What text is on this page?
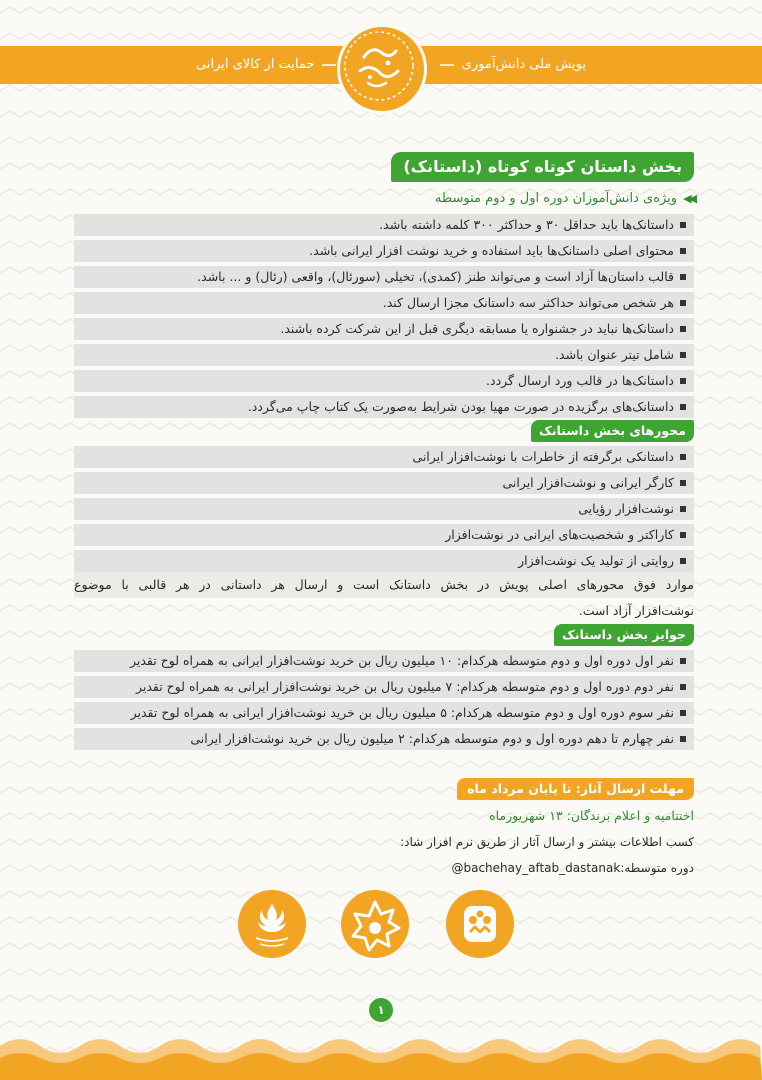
پویش ملی دانش‌آموزی
حمایت از کالای ایرانی
بخش داستان کوتاه کوتاه (داستانک)
◀◀
ویژه‌ی دانش‌آموزان دوره اول و دوم متوسطه
داستانک‌ها باید حداقل ۳۰ و حداکثر ۳۰۰ کلمه داشته باشد.
محتوای اصلی داستانک‌ها باید استفاده و خرید نوشت افزار ایرانی باشد.
قالب داستان‌ها آزاد است و می‌تواند طنز (کمدی)، تخیلی (سورئال)، واقعی (رئال) و ... باشد.
هر شخص می‌تواند حداکثر سه داستانک مجزا ارسال کند.
داستانک‌ها نباید در جشنواره یا مسابقه دیگری قبل از این شرکت کرده باشند.
شامل تیتر عنوان باشد.
داستانک‌ها در قالب ورد ارسال گردد.
داستانک‌های برگزیده در صورت مهیا بودن شرایط به‌صورت یک کتاب چاپ می‌گردد.
محورهای بخش داستانک
داستانکی برگرفته از خاطرات با نوشت‌افزار ایرانی
کارگر ایرانی و نوشت‌افزار ایرانی
نوشت‌افزار رؤیایی
کاراکتر و شخصیت‌های ایرانی در نوشت‌افزار
روایتی از تولید یک نوشت‌افزار
موارد فوق محورهای اصلی پویش در بخش داستانک است و ارسال هر داستانی در هر قالبی با موضوع
نوشت‌افزار آزاد است.
جوایز بخش داستانک
نفر اول دوره اول و دوم متوسطه هرکدام: ۱۰ میلیون ریال بن خرید نوشت‌افزار ایرانی به همراه لوح تقدیر
نفر دوم دوره اول و دوم متوسطه هرکدام: ۷ میلیون ریال بن خرید نوشت‌افزار ایرانی به همراه لوح تقدیر
نفر سوم دوره اول و دوم متوسطه هرکدام: ۵ میلیون ریال بن خرید نوشت‌افزار ایرانی به همراه لوح تقدیر
نفر چهارم تا دهم دوره اول و دوم متوسطه هرکدام: ۲ میلیون ریال بن خرید نوشت‌افزار ایرانی
مهلت ارسال آثار: تا پایان مرداد ماه
اختتامیه و اعلام برندگان: ۱۳ شهریورماه
کسب اطلاعات بیشتر و ارسال آثار از طریق نرم افزار شاد:
دوره متوسطه:@bachehay_aftab_dastanak
۱
